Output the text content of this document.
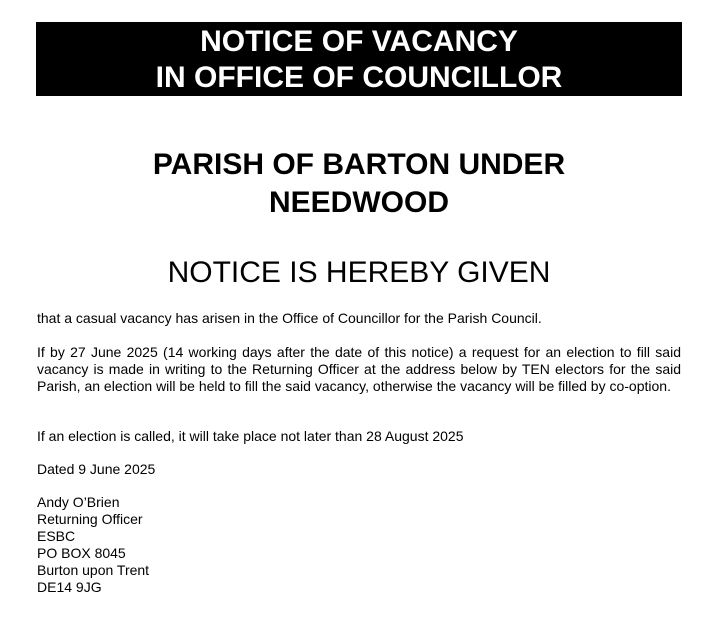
NOTICE OF VACANCY
IN OFFICE OF COUNCILLOR
PARISH OF BARTON UNDER
NEEDWOOD
NOTICE IS HEREBY GIVEN

that a casual vacancy has arisen in the Office of Councillor for the Parish Council.

If by 27 June 2025 (14 working days after the date of this notice) a request for an election to fill said vacancy is made in writing to the Returning Officer at the address below by TEN electors for the said Parish, an election will be held to fill the said vacancy, otherwise the vacancy will be filled by co-option.

If an election is called, it will take place not later than 28 August 2025

Dated 9 June 2025

Andy O’Brien
Returning Officer
ESBC
PO BOX 8045
Burton upon Trent
DE14 9JG
